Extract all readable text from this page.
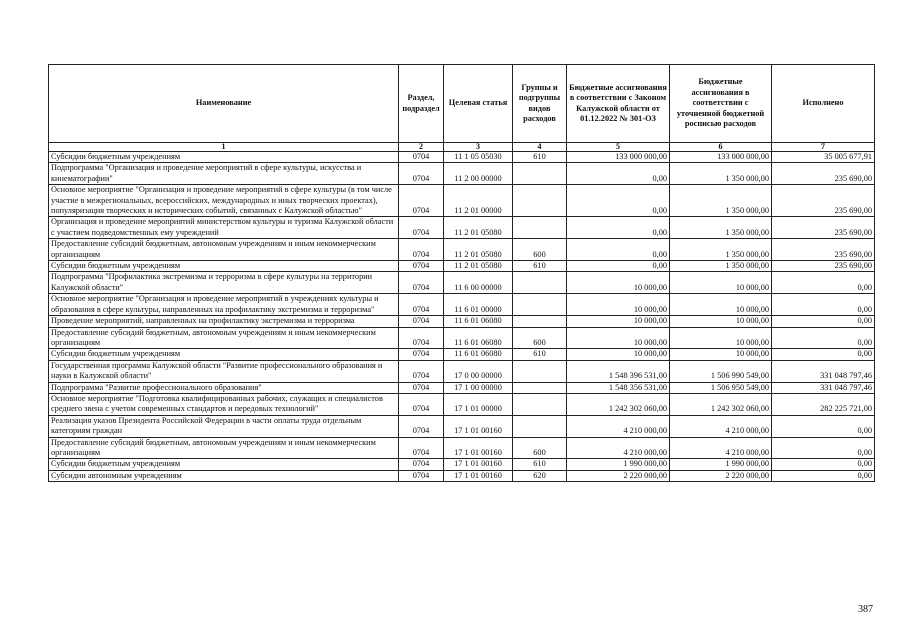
Наименование	Раздел, подраздел	Целевая статья	Группы и подгруппы видов расходов	Бюджетные ассигнования в соответствии с Законом Калужской области от 01.12.2022 № 301-ОЗ	Бюджетные ассигнования в соответствии с уточненной бюджетной росписью расходов	Исполнено
1	2	3	4	5	6	7
Субсидии бюджетным учреждениям	0704	11 1 05 05030	610	133 000 000,00	133 000 000,00	35 005 677,91
Подпрограмма "Организация и проведение мероприятий в сфере культуры, искусства и кинематографии"	0704	11 2 00 00000		0,00	1 350 000,00	235 690,00
Основное мероприятие "Организация и проведение мероприятий в сфере культуры (в том числе участие в межрегиональных, всероссийских, международных и иных творческих проектах), популяризация творческих и исторических событий, связанных с Калужской областью"	0704	11 2 01 00000		0,00	1 350 000,00	235 690,00
Организация и проведение мероприятий министерством культуры и туризма Калужской области с участием подведомственных ему учреждений	0704	11 2 01 05080		0,00	1 350 000,00	235 690,00
Предоставление субсидий бюджетным, автономным учреждениям и иным некоммерческим организациям	0704	11 2 01 05080	600	0,00	1 350 000,00	235 690,00
Субсидии бюджетным учреждениям	0704	11 2 01 05080	610	0,00	1 350 000,00	235 690,00
Подпрограмма "Профилактика экстремизма и терроризма в сфере культуры на территории Калужской области"	0704	11 6 00 00000		10 000,00	10 000,00	0,00
Основное мероприятие "Организация и проведение мероприятий в учреждениях культуры и образования в сфере культуры, направленных на профилактику экстремизма и терроризма"	0704	11 6 01 00000		10 000,00	10 000,00	0,00
Проведение мероприятий, направленных на профилактику экстремизма и терроризма	0704	11 6 01 06080		10 000,00	10 000,00	0,00
Предоставление субсидий бюджетным, автономным учреждениям и иным некоммерческим организациям	0704	11 6 01 06080	600	10 000,00	10 000,00	0,00
Субсидии бюджетным учреждениям	0704	11 6 01 06080	610	10 000,00	10 000,00	0,00
Государственная программа Калужской области "Развитие профессионального образования и науки в Калужской области"	0704	17 0 00 00000		1 548 396 531,00	1 506 990 549,00	331 048 797,46
Подпрограмма "Развитие профессионального образования"	0704	17 1 00 00000		1 548 356 531,00	1 506 950 549,00	331 048 797,46
Основное мероприятие "Подготовка квалифицированных рабочих, служащих и специалистов среднего звена с учетом современных стандартов и передовых технологий"	0704	17 1 01 00000		1 242 302 060,00	1 242 302 060,00	282 225 721,00
Реализация указов Президента Российской Федерации в части оплаты труда отдельным категориям граждан	0704	17 1 01 00160		4 210 000,00	4 210 000,00	0,00
Предоставление субсидий бюджетным, автономным учреждениям и иным некоммерческим организациям	0704	17 1 01 00160	600	4 210 000,00	4 210 000,00	0,00
Субсидии бюджетным учреждениям	0704	17 1 01 00160	610	1 990 000,00	1 990 000,00	0,00
Субсидии автономным учреждениям	0704	17 1 01 00160	620	2 220 000,00	2 220 000,00	0,00
387
